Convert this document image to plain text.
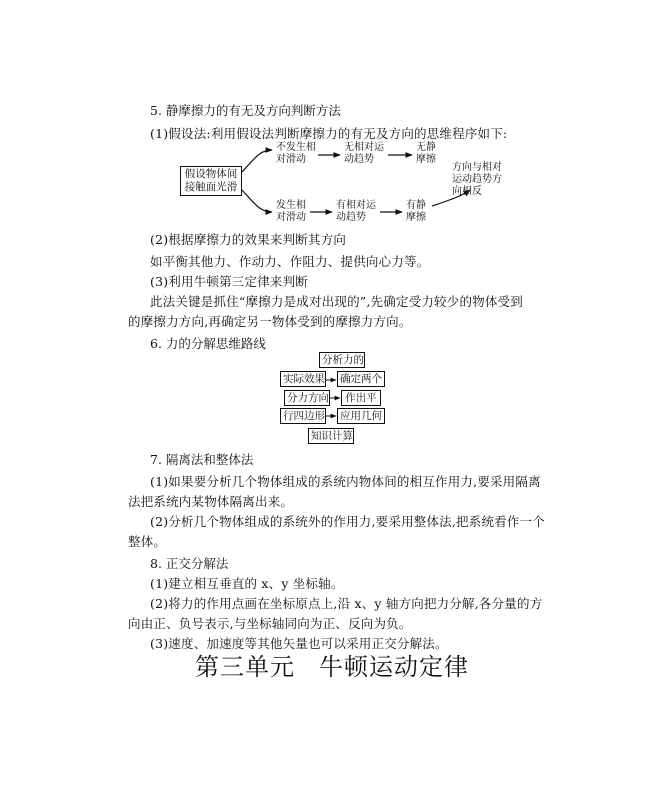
5. 静摩擦力的有无及方向判断方法
(1)假设法:利用假设法判断摩擦力的有无及方向的思维程序如下:
假设物体间
接触面光滑
不发生相
对滑动
无相对运
动趋势
无静
摩擦
发生相
对滑动
有相对运
动趋势
有静
摩擦
方向与相对
运动趋势方
向相反
(2)根据摩擦力的效果来判断其方向
如平衡其他力、作动力、作阻力、提供向心力等。
(3)利用牛顿第三定律来判断
此法关键是抓住“摩擦力是成对出现的”,先确定受力较少的物体受到
的摩擦力方向,再确定另一物体受到的摩擦力方向。
6. 力的分解思维路线
分析力的
实际效果 确定两个
分力方向	作出平
行四边形 应用几何
知识计算
7. 隔离法和整体法
(1)如果要分析几个物体组成的系统内物体间的相互作用力,要采用隔离
法把系统内某物体隔离出来。
(2)分析几个物体组成的系统外的作用力,要采用整体法,把系统看作一个
整体。
8. 正交分解法
(1)建立相互垂直的 x、y 坐标轴。
(2)将力的作用点画在坐标原点上,沿 x、y 轴方向把力分解,各分量的方
向由正、负号表示,与坐标轴同向为正、反向为负。
(3)速度、加速度等其他矢量也可以采用正交分解法。
第三单元 牛顿运动定律
